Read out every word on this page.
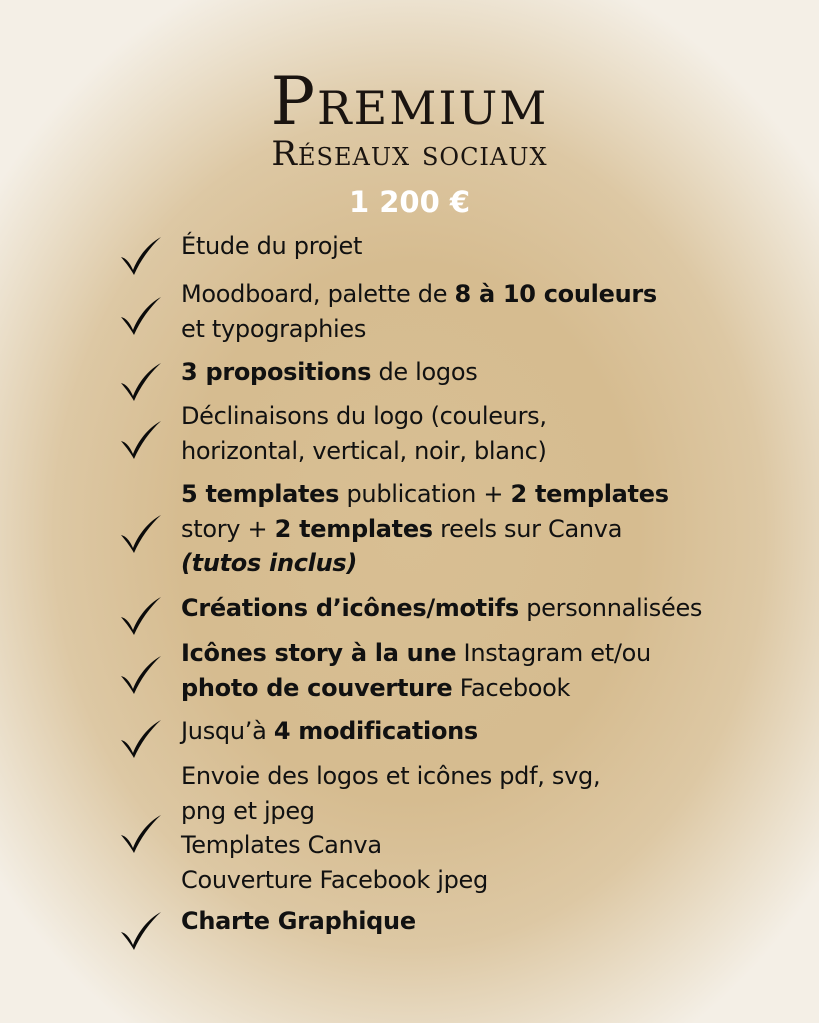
Premium
Réseaux sociaux
1 200 €
Étude du projet
Moodboard, palette de 8 à 10 couleurs
et typographies
3 propositions de logos
Déclinaisons du logo (couleurs,
horizontal, vertical, noir, blanc)
5 templates publication + 2 templates
story + 2 templates reels sur Canva
(tutos inclus)
Créations d’icônes/motifs personnalisées
Icônes story à la une Instagram et/ou
photo de couverture Facebook
Jusqu’à 4 modifications
Envoie des logos et icônes pdf, svg,
png et jpeg
Templates Canva
Couverture Facebook jpeg
Charte Graphique
